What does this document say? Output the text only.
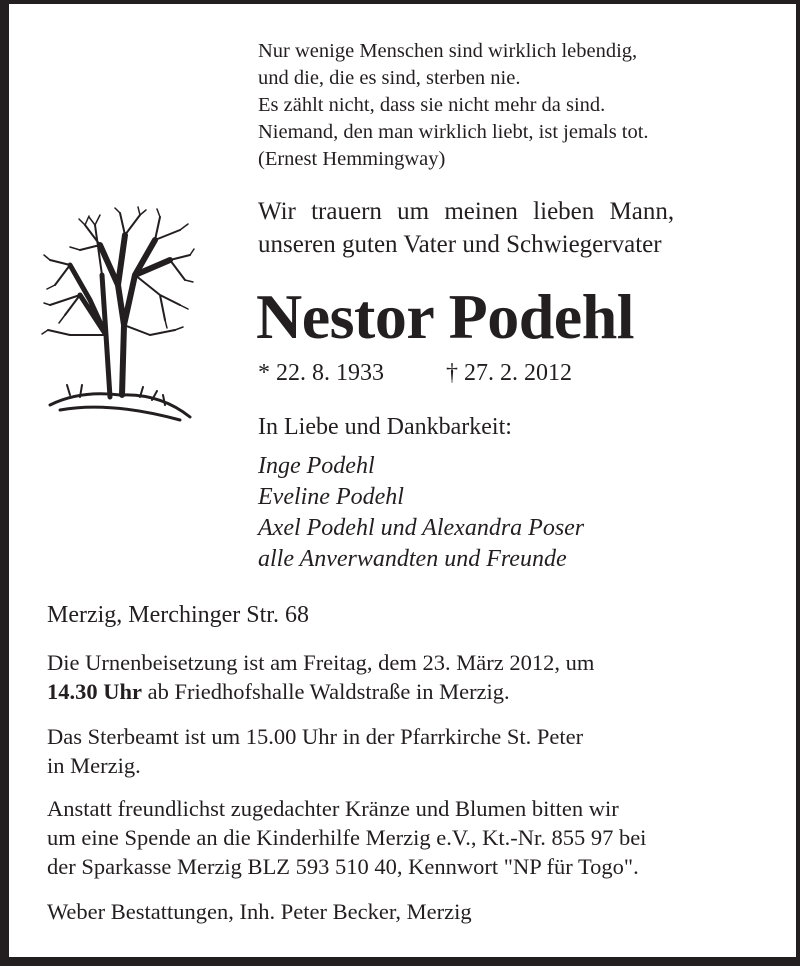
Nur wenige Menschen sind wirklich lebendig,
und die, die es sind, sterben nie.
Es zählt nicht, dass sie nicht mehr da sind.
Niemand, den man wirklich liebt, ist jemals tot.
(Ernest Hemmingway)
Wir trauern um meinen lieben Mann,
unseren guten Vater und Schwiegervater
Nestor Podehl
* 22. 8. 1933	† 27. 2. 2012
In Liebe und Dankbarkeit:
Inge Podehl
Eveline Podehl
Axel Podehl und Alexandra Poser
alle Anverwandten und Freunde
Merzig, Merchinger Str. 68
Die Urnenbeisetzung ist am Freitag, dem 23. März 2012, um
14.30 Uhr ab Friedhofshalle Waldstraße in Merzig.
Das Sterbeamt ist um 15.00 Uhr in der Pfarrkirche St. Peter
in Merzig.
Anstatt freundlichst zugedachter Kränze und Blumen bitten wir
um eine Spende an die Kinderhilfe Merzig e.V., Kt.-Nr. 855 97 bei
der Sparkasse Merzig BLZ 593 510 40, Kennwort "NP für Togo".
Weber Bestattungen, Inh. Peter Becker, Merzig
